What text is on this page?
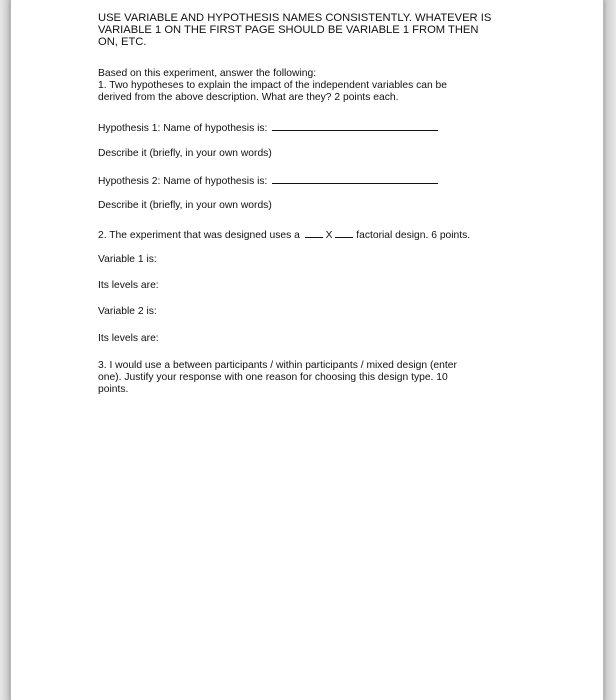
USE VARIABLE AND HYPOTHESIS NAMES CONSISTENTLY. WHATEVER IS
VARIABLE 1 ON THE FIRST PAGE SHOULD BE VARIABLE 1 FROM THEN
ON, ETC.
Based on this experiment, answer the following:
1. Two hypotheses to explain the impact of the independent variables can be
derived from the above description. What are they? 2 points each.
Hypothesis 1: Name of hypothesis is:
Describe it (briefly, in your own words)
Hypothesis 2: Name of hypothesis is:
Describe it (briefly, in your own words)
2. The experiment that was designed uses a	X factorial design. 6 points.
Variable 1 is:
Its levels are:
Variable 2 is:
Its levels are:
3. I would use a between participants / within participants / mixed design (enter
one). Justify your response with one reason for choosing this design type. 10
points.
